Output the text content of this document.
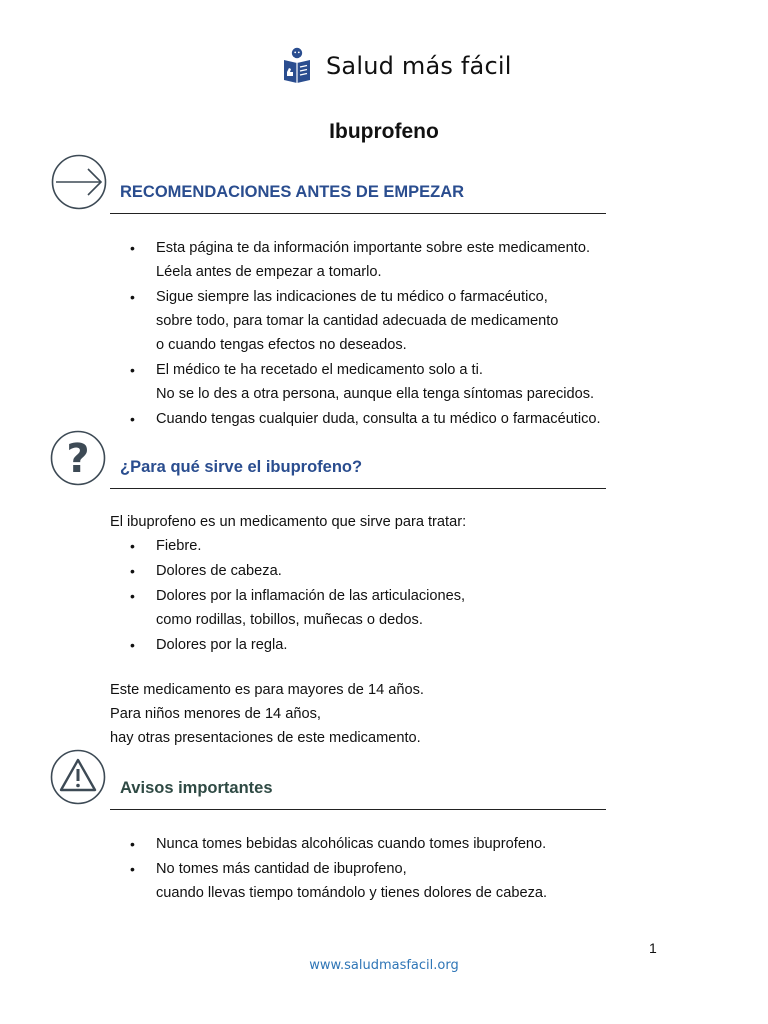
Salud más fácil
Ibuprofeno
RECOMENDACIONES ANTES DE EMPEZAR
• Esta página te da información importante sobre este medicamento.
Léela antes de empezar a tomarlo.
• Sigue siempre las indicaciones de tu médico o farmacéutico,
sobre todo, para tomar la cantidad adecuada de medicamento
o cuando tengas efectos no deseados.
• El médico te ha recetado el medicamento solo a ti.
No se lo des a otra persona, aunque ella tenga síntomas parecidos.
• Cuando tengas cualquier duda, consulta a tu médico o farmacéutico.
? ¿Para qué sirve el ibuprofeno?
El ibuprofeno es un medicamento que sirve para tratar:
• Fiebre.
• Dolores de cabeza.
• Dolores por la inflamación de las articulaciones,
como rodillas, tobillos, muñecas o dedos.
• Dolores por la regla.
Este medicamento es para mayores de 14 años.
Para niños menores de 14 años,
hay otras presentaciones de este medicamento.
Avisos importantes
• Nunca tomes bebidas alcohólicas cuando tomes ibuprofeno.
• No tomes más cantidad de ibuprofeno,
cuando llevas tiempo tomándolo y tienes dolores de cabeza.
1
www.saludmasfacil.org
